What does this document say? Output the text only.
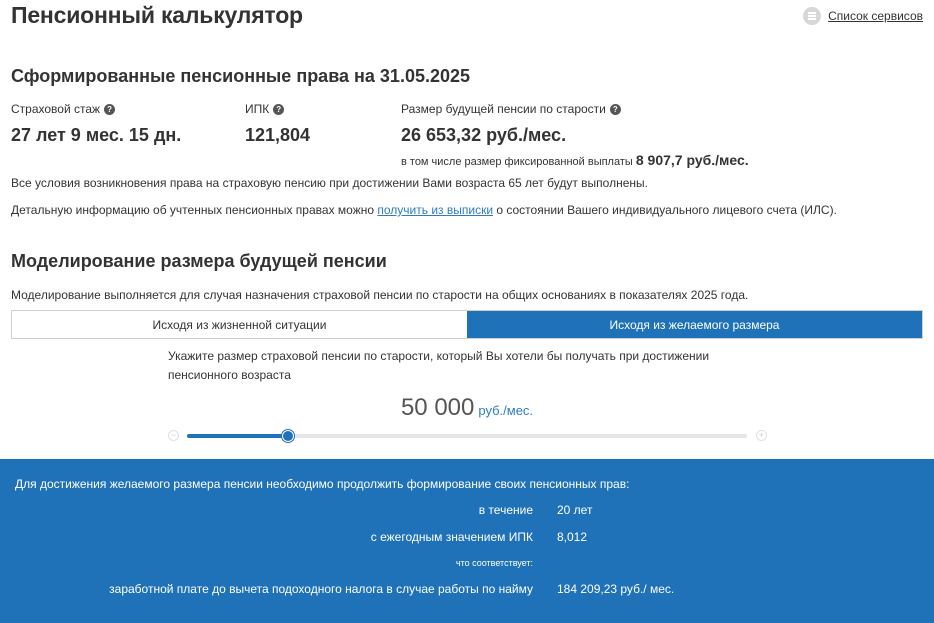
Пенсионный калькулятор	Список сервисов
Сформированные пенсионные права на 31.05.2025
Страховой стаж ?
27 лет 9 мес. 15 дн.
ИПК ?
121,804
Размер будущей пенсии по старости ?
26 653,32 руб./мес.
в том числе размер фиксированной выплаты 8 907,7 руб./мес.
Все условия возникновения права на страховую пенсию при достижении Вами возраста 65 лет будут выполнены.
Детальную информацию об учтенных пенсионных правах можно получить из выписки о состоянии Вашего индивидуального лицевого счета (ИЛС).
Моделирование размера будущей пенсии
Моделирование выполняется для случая назначения страховой пенсии по старости на общих основаниях в показателях 2025 года.
Исходя из жизненной ситуации	Исходя из желаемого размера
Укажите размер страховой пенсии по старости, который Вы хотели бы получать при достижении пенсионного возраста
50 000 руб./мес.
−	+
Для достижения желаемого размера пенсии необходимо продолжить формирование своих пенсионных прав:
в течение 20 лет
с ежегодным значением ИПК 8,012
что соответствует:
заработной плате до вычета подоходного налога в случае работы по найму 184 209,23 руб./ мес.
